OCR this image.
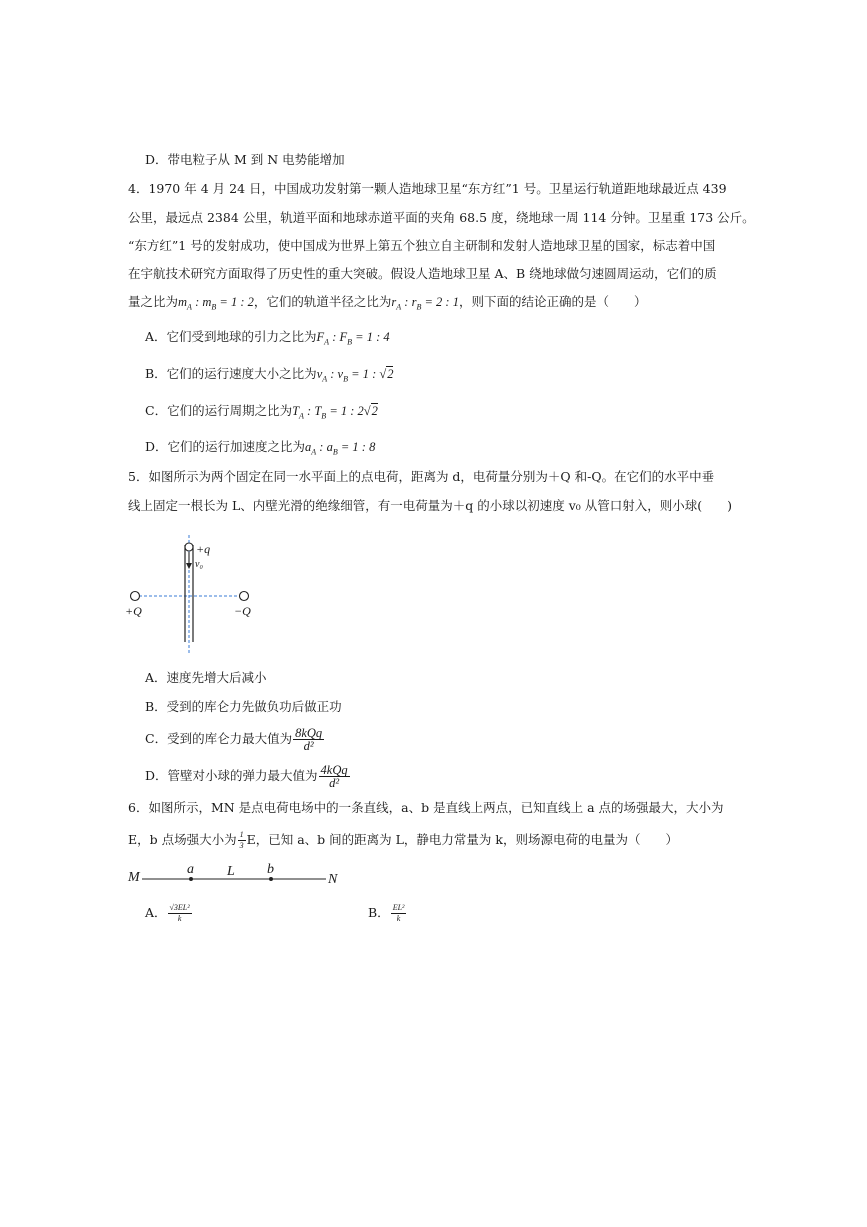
D．带电粒子从 M 到 N 电势能增加
4．1970 年 4 月 24 日，中国成功发射第一颗人造地球卫星“东方红”1 号。卫星运行轨道距地球最近点 439
公里，最远点 2384 公里，轨道平面和地球赤道平面的夹角 68.5 度，绕地球一周 114 分钟。卫星重 173 公斤。
“东方红”1 号的发射成功，使中国成为世界上第五个独立自主研制和发射人造地球卫星的国家，标志着中国
在宇航技术研究方面取得了历史性的重大突破。假设人造地球卫星 A、B 绕地球做匀速圆周运动，它们的质
量之比为$m_A$ : $m_B = 1$ : 2，它们的轨道半径之比为$r_A$ : $r_B = 2$ : 1，则下面的结论正确的是（　　）
A．它们受到地球的引力之比为$F_A$ : $F_B = 1$ : 4
B．它们的运行速度大小之比为$v_A$ : $v_B = 1$ : √2
C．它们的运行周期之比为$T_A$ : $T_B = 1$ : 2√2
D．它们的运行加速度之比为$a_A$ : $a_B = 1$ : 8
5．如图所示为两个固定在同一水平面上的点电荷，距离为 d，电荷量分别为＋Q 和-Q。在它们的水平中垂
线上固定一根长为 L、内壁光滑的绝缘细管，有一电荷量为＋q 的小球以初速度 v₀ 从管口射入，则小球(　　)
+q
v₀
+Q	−Q
A．速度先增大后减小
B．受到的库仑力先做负功后做正功
C．受到的库仑力最大值为 $\frac{\text{8kQq}}{\text{d²}}$
D．管壁对小球的弹力最大值为 $\frac{\text{4kQq}}{\text{d²}}$
6．如图所示，MN 是点电荷电场中的一条直线，a、b 是直线上两点，已知直线上 a 点的场强最大，大小为
E，b 点场强大小为 $\frac{1}{3}$ E，已知 a、b 间的距离为 L，静电力常量为 k，则场源电荷的电量为（　　）
M
a L b
N
A． $\frac{\text{√3EL²}}{k}$	B． $\frac{\text{EL²}}{k}$
